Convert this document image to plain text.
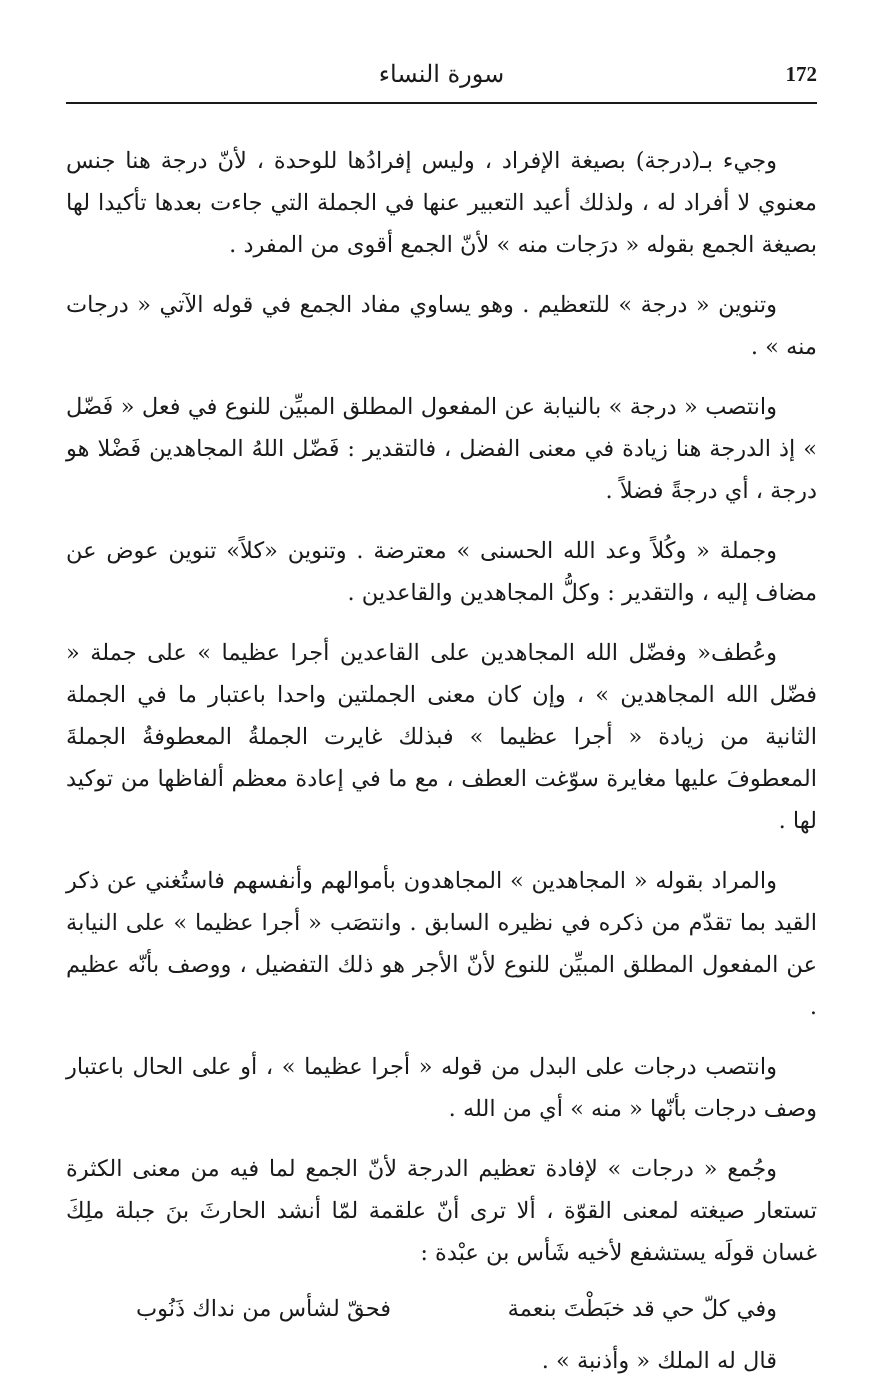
172
سورة النساء

وجيء بـ(درجة) بصيغة الإفراد ، وليس إفرادُها للوحدة ، لأنّ درجة هنا جنس معنوي لا أفراد له ، ولذلك أعيد التعبير عنها في الجملة التي جاءت بعدها تأكيدا لها بصيغة الجمع بقوله « درَجات منه » لأنّ الجمع أقوى من المفرد .

وتنوين « درجة » للتعظيم . وهو يساوي مفاد الجمع في قوله الآتي « درجات منه » .

وانتصب « درجة » بالنيابة عن المفعول المطلق المبيِّن للنوع في فعل « فَضّل » إذ الدرجة هنا زيادة في معنى الفضل ، فالتقدير : فَضّل اللهُ المجاهدين فَضْلا هو درجة ، أي درجةً فضلاً .

وجملة « وكُلاً وعد الله الحسنى » معترضة . وتنوين «كلاً» تنوين عوض عن مضاف إليه ، والتقدير : وكلُّ المجاهدين والقاعدين .

وعُطف« وفضّل الله المجاهدين على القاعدين أجرا عظيما » على جملة « فضّل الله المجاهدين » ، وإن كان معنى الجملتين واحدا باعتبار ما في الجملة الثانية من زيادة « أجرا عظيما » فبذلك غايرت الجملةُ المعطوفةُ الجملةَ المعطوفَ عليها مغايرة سوّغت العطف ، مع ما في إعادة معظم ألفاظها من توكيد لها .

والمراد بقوله « المجاهدين » المجاهدون بأموالهم وأنفسهم فاستُغني عن ذكر القيد بما تقدّم من ذكره في نظيره السابق . وانتصَب « أجرا عظيما » على النيابة عن المفعول المطلق المبيِّن للنوع لأنّ الأجر هو ذلك التفضيل ، ووصف بأنّه عظيم .

وانتصب درجات على البدل من قوله « أجرا عظيما » ، أو على الحال باعتبار وصف درجات بأنّها « منه » أي من الله .

وجُمع « درجات » لإفادة تعظيم الدرجة لأنّ الجمع لما فيه من معنى الكثرة تستعار صيغته لمعنى القوّة ، ألا ترى أنّ علقمة لمّا أنشد الحارثَ بنَ جبلة ملِكَ غسان قولَه يستشفع لأخيه شَأس بن عبْدة :

وفي كلّ حي قد خبَطْتَ بنعمة
فحقّ لشأس من نداك ذَنُوب

قال له الملك « وأذنبة » .
